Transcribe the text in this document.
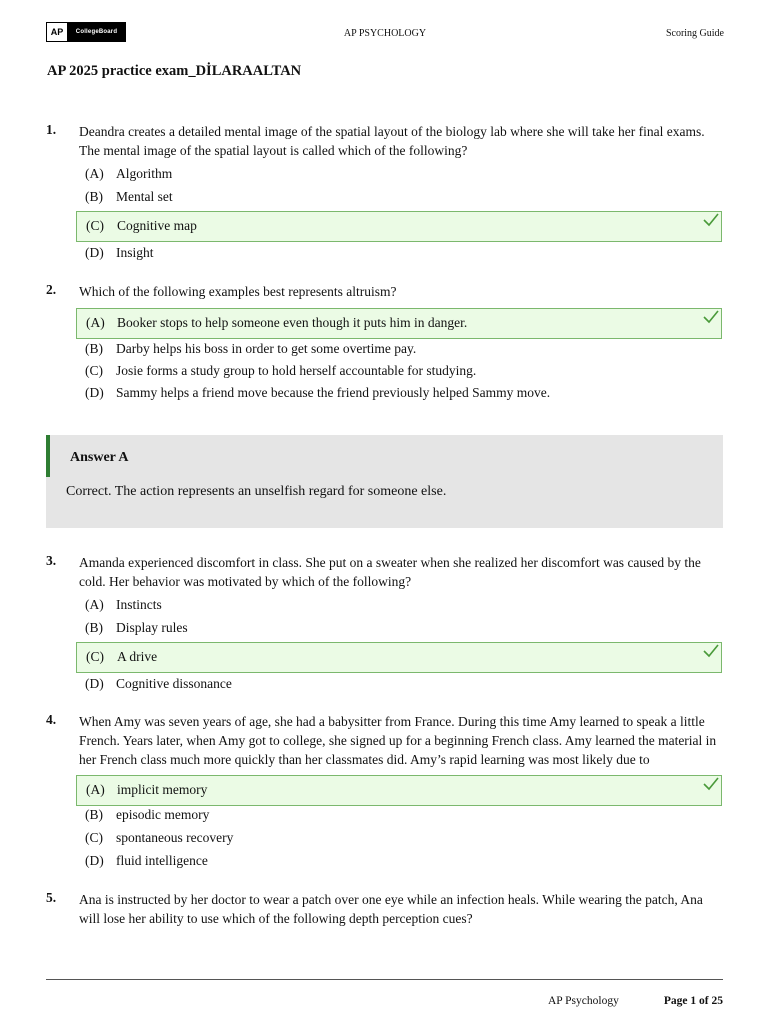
AP	CollegeBoard	AP PSYCHOLOGY	Scoring Guide
AP 2025 practice exam_DİLARAALTAN
1. Deandra creates a detailed mental image of the spatial layout of the biology lab where she will take her final exams. The mental image of the spatial layout is called which of the following?
(A) Algorithm
(B) Mental set
(C) Cognitive map
(D) Insight
2. Which of the following examples best represents altruism?
(A) Booker stops to help someone even though it puts him in danger.
(B) Darby helps his boss in order to get some overtime pay.
(C) Josie forms a study group to hold herself accountable for studying.
(D) Sammy helps a friend move because the friend previously helped Sammy move.
3. Amanda experienced discomfort in class. She put on a sweater when she realized her discomfort was caused by the cold. Her behavior was motivated by which of the following?
(A) Instincts
(B) Display rules
(C) A drive
(D) Cognitive dissonance
4. When Amy was seven years of age, she had a babysitter from France. During this time Amy learned to speak a little French. Years later, when Amy got to college, she signed up for a beginning French class. Amy learned the material in her French class much more quickly than her classmates did. Amy’s rapid learning was most likely due to
(A) implicit memory
(B) episodic memory
(C) spontaneous recovery
(D) fluid intelligence
5. Ana is instructed by her doctor to wear a patch over one eye while an infection heals. While wearing the patch, Ana will lose her ability to use which of the following depth perception cues?
Answer A
Correct. The action represents an unselfish regard for someone else.
AP Psychology	Page 1 of 25
